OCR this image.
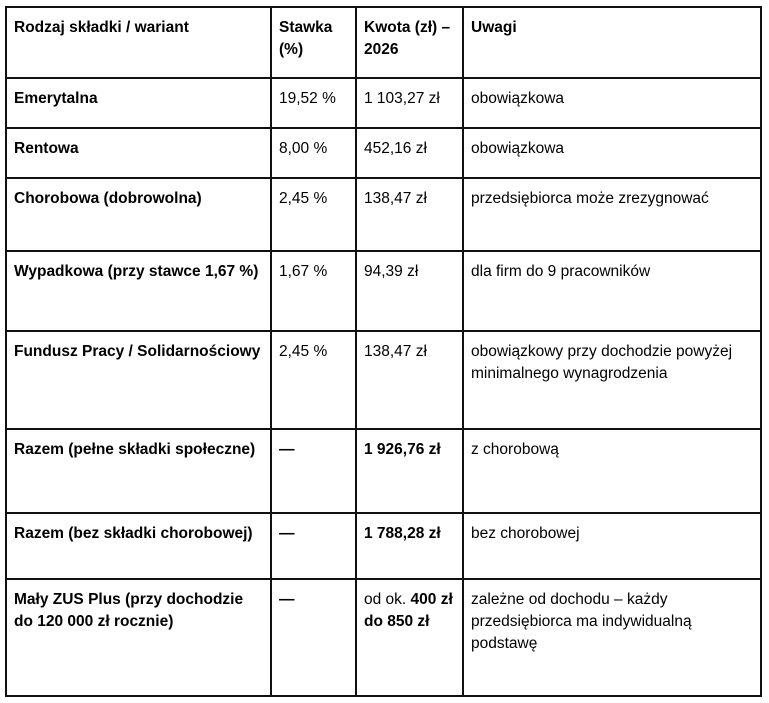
Rodzaj składki / wariant	Stawka (%)	Kwota (zł) – 2026	Uwagi
Emerytalna	19,52 %	1 103,27 zł	obowiązkowa
Rentowa	8,00 %	452,16 zł	obowiązkowa
Chorobowa (dobrowolna)	2,45 %	138,47 zł	przedsiębiorca może zrezygnować
Wypadkowa (przy stawce 1,67 %)	1,67 %	94,39 zł	dla firm do 9 pracowników
Fundusz Pracy / Solidarnościowy	2,45 %	138,47 zł	obowiązkowy przy dochodzie powyżej minimalnego wynagrodzenia
Razem (pełne składki społeczne)	—	1 926,76 zł	z chorobową
Razem (bez składki chorobowej)	—	1 788,28 zł	bez chorobowej
Mały ZUS Plus (przy dochodzie do 120 000 zł rocznie)	—	od ok. 400 zł do 850 zł	zależne od dochodu – każdy przedsiębiorca ma indywidualną podstawę
